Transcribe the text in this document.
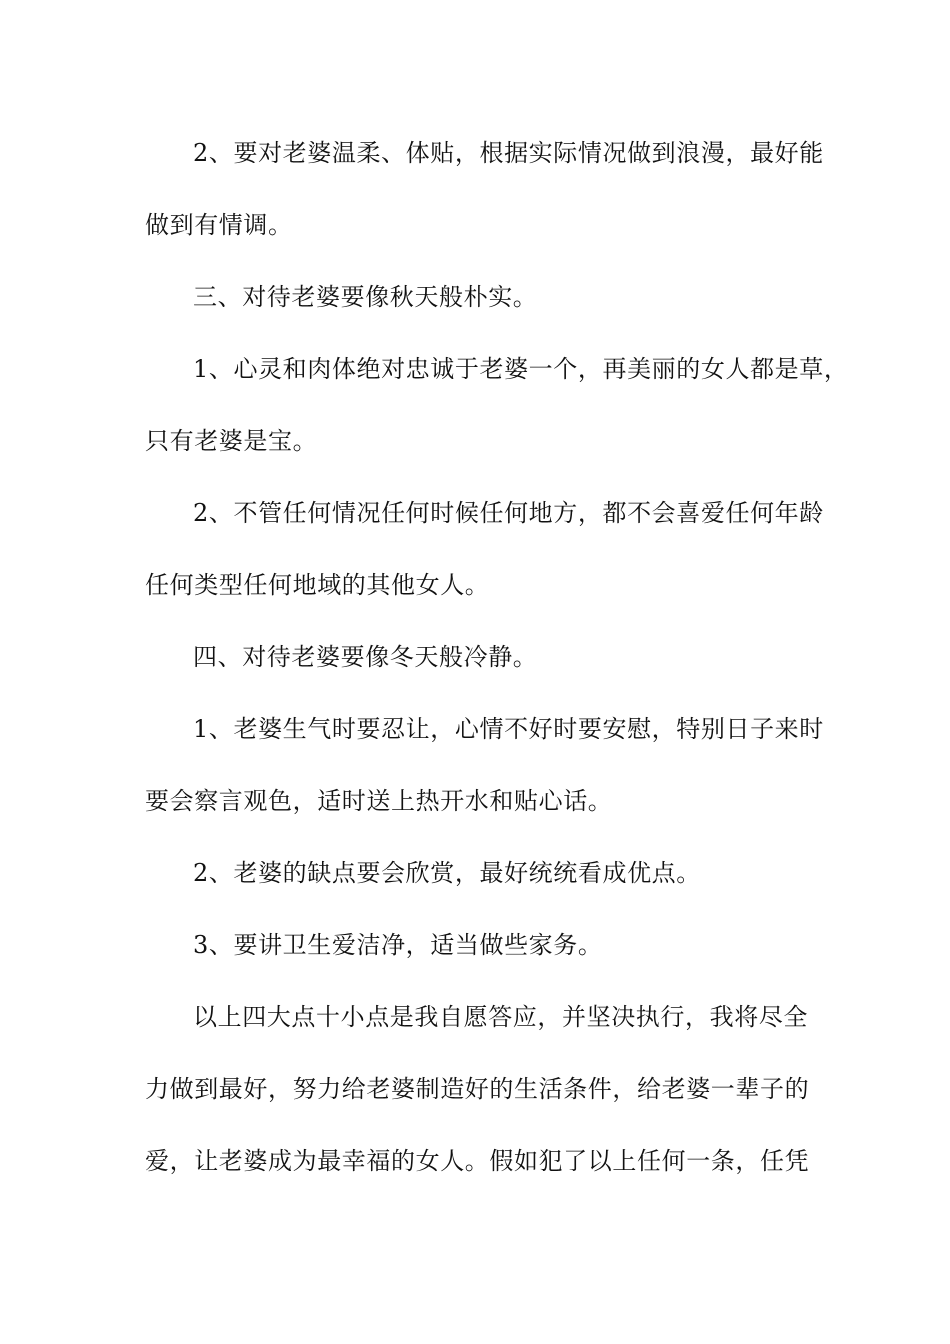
2、要对老婆温柔、体贴，根据实际情况做到浪漫，最好能
做到有情调。
三、对待老婆要像秋天般朴实。
1、心灵和肉体绝对忠诚于老婆一个，再美丽的女人都是草，
只有老婆是宝。
2、不管任何情况任何时候任何地方，都不会喜爱任何年龄
任何类型任何地域的其他女人。
四、对待老婆要像冬天般冷静。
1、老婆生气时要忍让，心情不好时要安慰，特别日子来时
要会察言观色，适时送上热开水和贴心话。
2、老婆的缺点要会欣赏，最好统统看成优点。
3、要讲卫生爱洁净，适当做些家务。
以上四大点十小点是我自愿答应，并坚决执行，我将尽全
力做到最好，努力给老婆制造好的生活条件，给老婆一辈子的
爱，让老婆成为最幸福的女人。假如犯了以上任何一条，任凭
